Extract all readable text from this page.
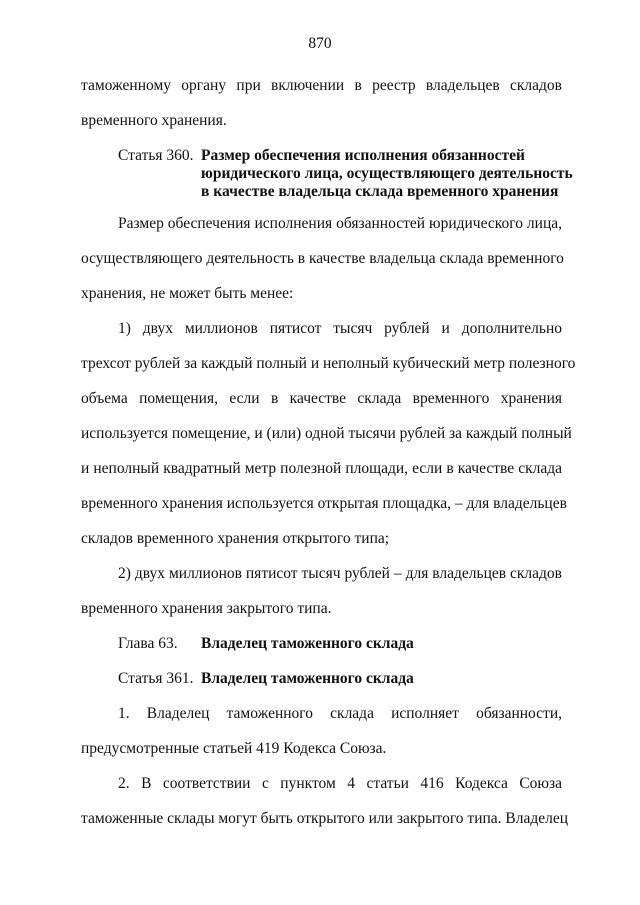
870
таможенному органу при включении в реестр владельцев складов
временного хранения.
Статья 360. Размер обеспечения исполнения обязанностей
юридического лица, осуществляющего деятельность
в качестве владельца склада временного хранения
Размер обеспечения исполнения обязанностей юридического лица,
осуществляющего деятельность в качестве владельца склада временного
хранения, не может быть менее:
1) двух миллионов пятисот тысяч рублей и дополнительно
трехсот рублей за каждый полный и неполный кубический метр полезного
объема помещения, если в качестве склада временного хранения
используется помещение, и (или) одной тысячи рублей за каждый полный
и неполный квадратный метр полезной площади, если в качестве склада
временного хранения используется открытая площадка, – для владельцев
складов временного хранения открытого типа;
2) двух миллионов пятисот тысяч рублей – для владельцев складов
временного хранения закрытого типа.
Глава 63. Владелец таможенного склада
Статья 361. Владелец таможенного склада
1. Владелец таможенного склада исполняет обязанности,
предусмотренные статьей 419 Кодекса Союза.
2. В соответствии с пунктом 4 статьи 416 Кодекса Союза
таможенные склады могут быть открытого или закрытого типа. Владелец
